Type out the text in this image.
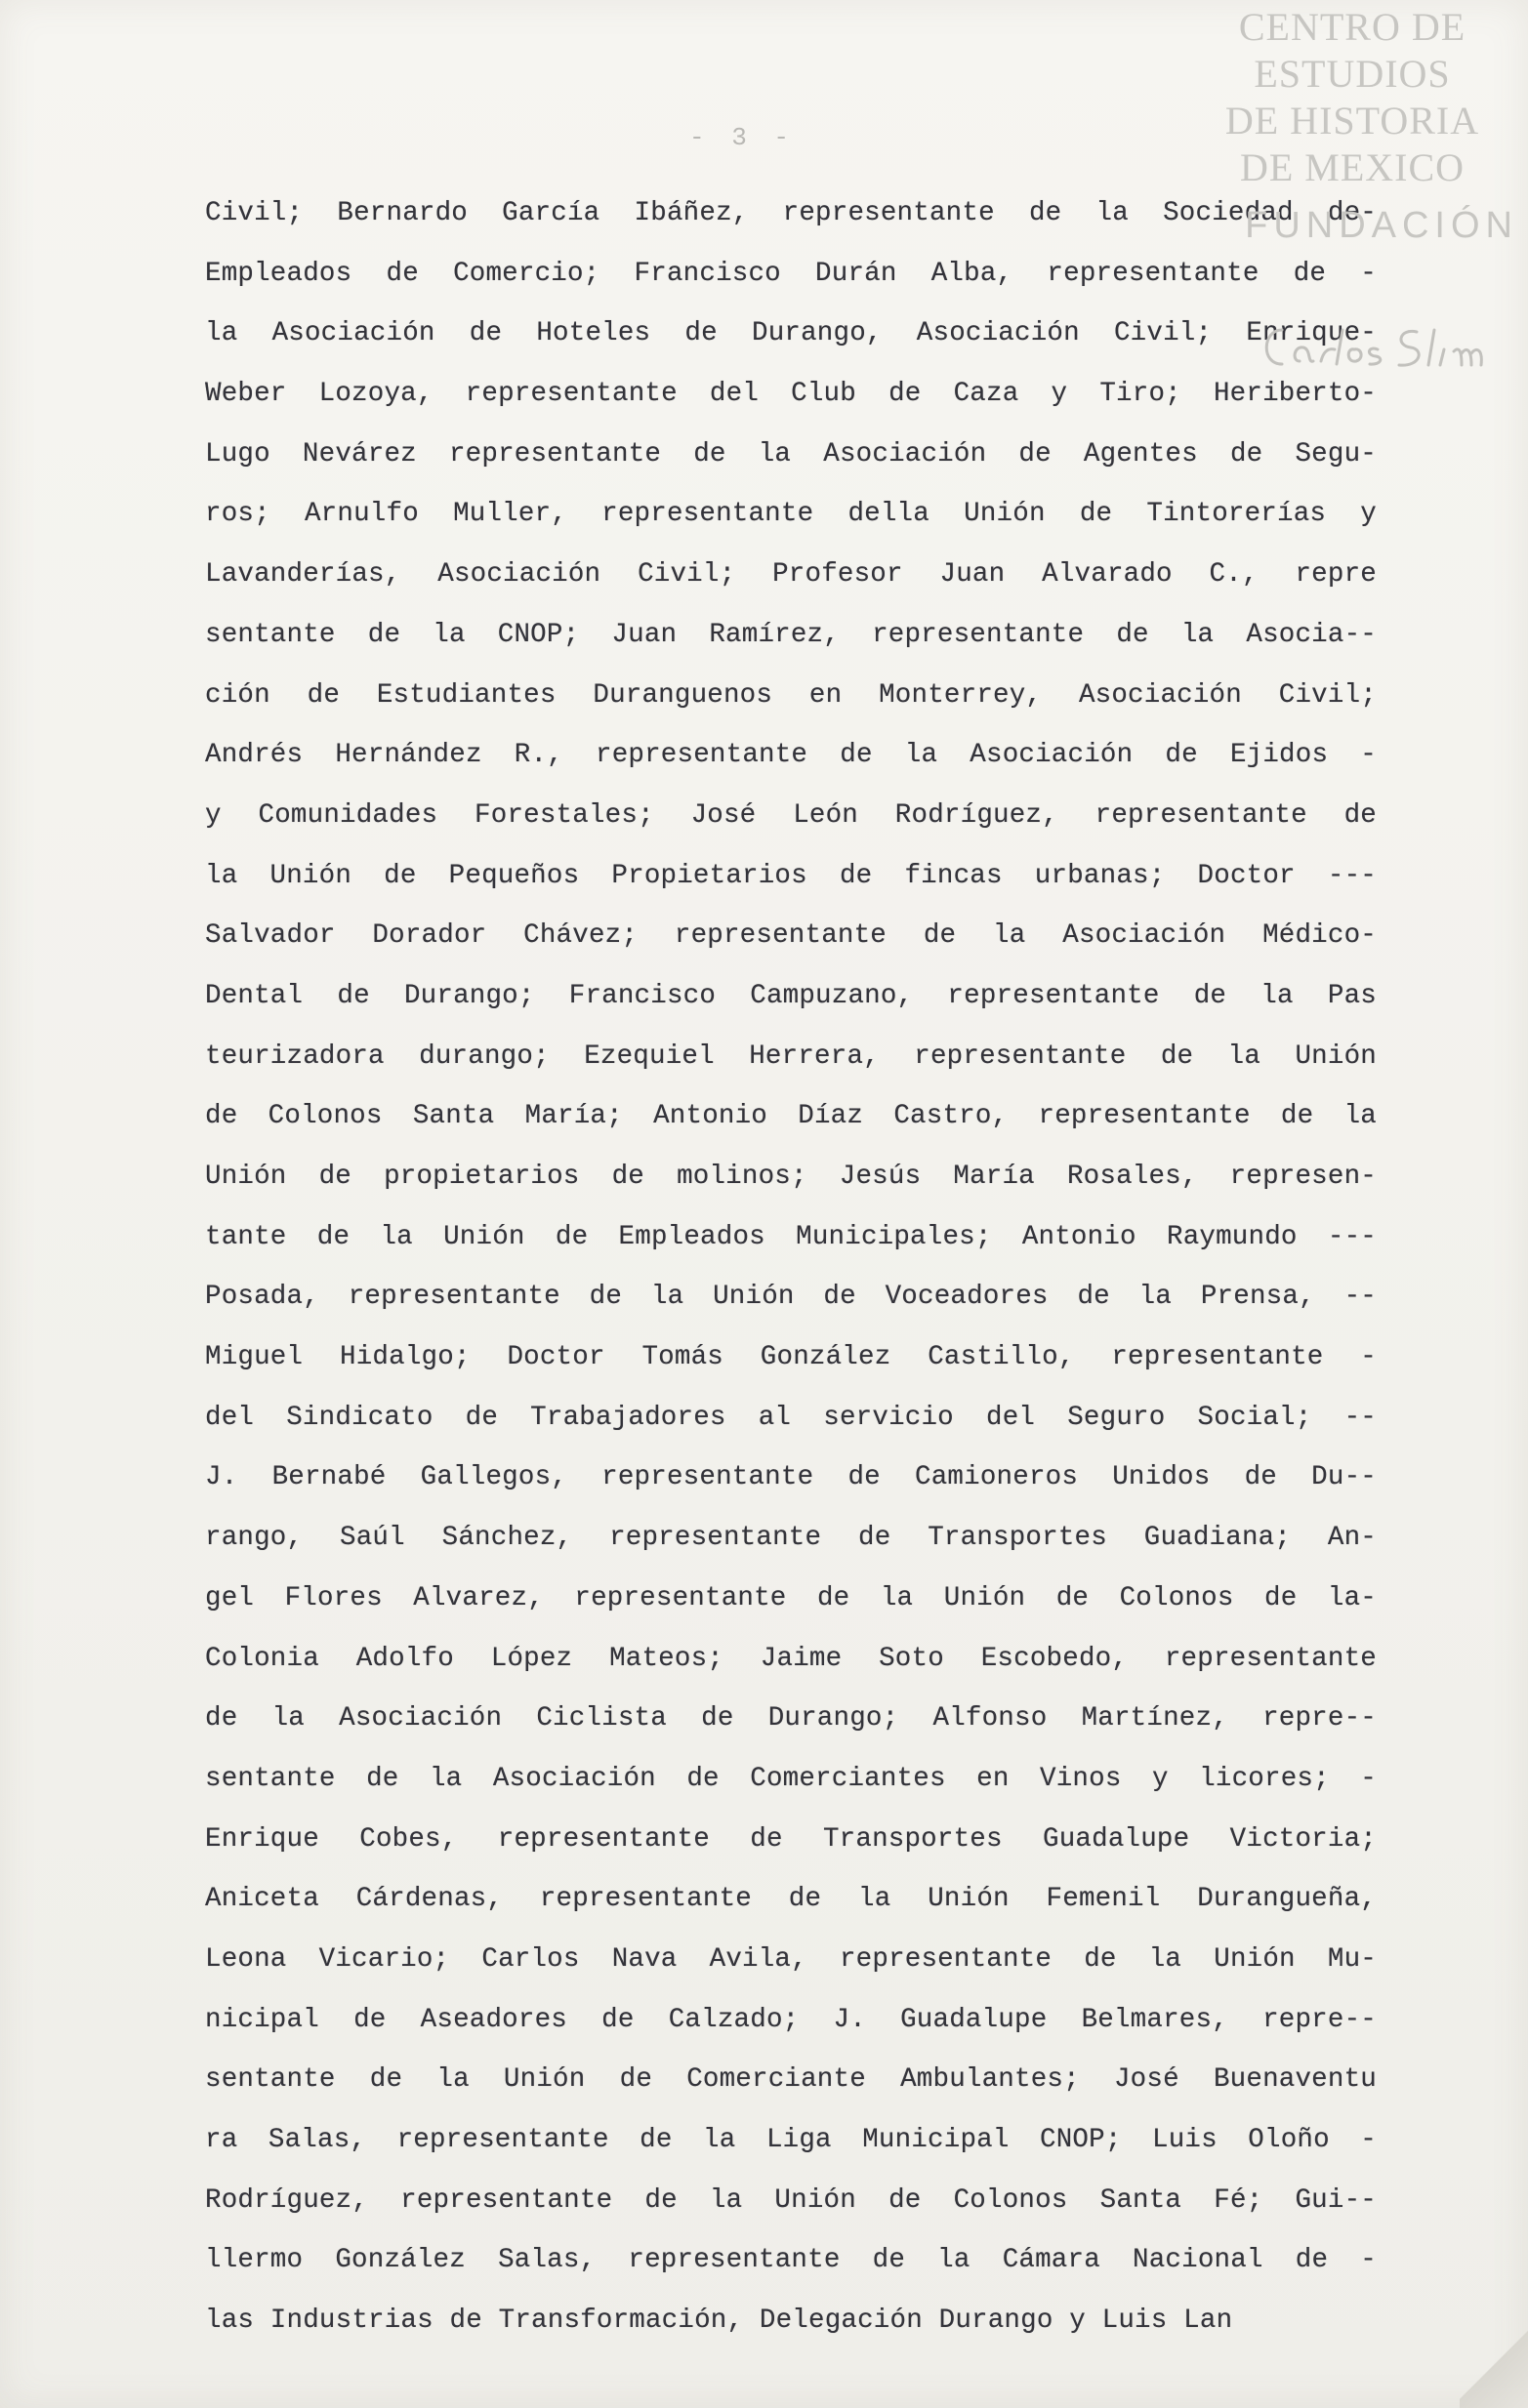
- 3 -
Civil; Bernardo García Ibáñez, representante de la Sociedad de-
Empleados de Comercio; Francisco Durán Alba, representante de -
la Asociación de Hoteles de Durango, Asociación Civil; Enrique-
Weber Lozoya, representante del Club de Caza y Tiro; Heriberto-
Lugo Nevárez representante de la Asociación de Agentes de Segu-
ros; Arnulfo Muller, representante della Unión de Tintorerías y
Lavanderías, Asociación Civil; Profesor Juan Alvarado C., repre
sentante de la CNOP; Juan Ramírez, representante de la Asocia--
ción de Estudiantes Duranguenos en Monterrey, Asociación Civil;
Andrés Hernández R., representante de la Asociación de Ejidos -
y Comunidades Forestales; José León Rodríguez, representante de
la Unión de Pequeños Propietarios de fincas urbanas; Doctor ---
Salvador Dorador Chávez; representante de la Asociación Médico-
Dental de Durango; Francisco Campuzano, representante de la Pas
teurizadora durango; Ezequiel Herrera, representante de la Unión
de Colonos Santa María; Antonio Díaz Castro, representante de la
Unión de propietarios de molinos; Jesús María Rosales, represen-
tante de la Unión de Empleados Municipales; Antonio Raymundo ---
Posada, representante de la Unión de Voceadores de la Prensa, --
Miguel Hidalgo; Doctor Tomás González Castillo, representante -
del Sindicato de Trabajadores al servicio del Seguro Social; --
J. Bernabé Gallegos, representante de Camioneros Unidos de Du--
rango, Saúl Sánchez, representante de Transportes Guadiana; An-
gel Flores Alvarez, representante de la Unión de Colonos de la-
Colonia Adolfo López Mateos; Jaime Soto Escobedo, representante
de la Asociación Ciclista de Durango; Alfonso Martínez, repre--
sentante de la Asociación de Comerciantes en Vinos y licores; -
Enrique Cobes, representante de Transportes Guadalupe Victoria;
Aniceta Cárdenas, representante de la Unión Femenil Durangueña,
Leona Vicario; Carlos Nava Avila, representante de la Unión Mu-
nicipal de Aseadores de Calzado; J. Guadalupe Belmares, repre--
sentante de la Unión de Comerciante Ambulantes; José Buenaventu
ra Salas, representante de la Liga Municipal CNOP; Luis Oloño -
Rodríguez, representante de la Unión de Colonos Santa Fé; Gui--
llermo González Salas, representante de la Cámara Nacional de -
las Industrias de Transformación, Delegación Durango y Luis Lan
CENTRO DE
ESTUDIOS
DE HISTORIA
DE MEXICO
FUNDACIÓN
